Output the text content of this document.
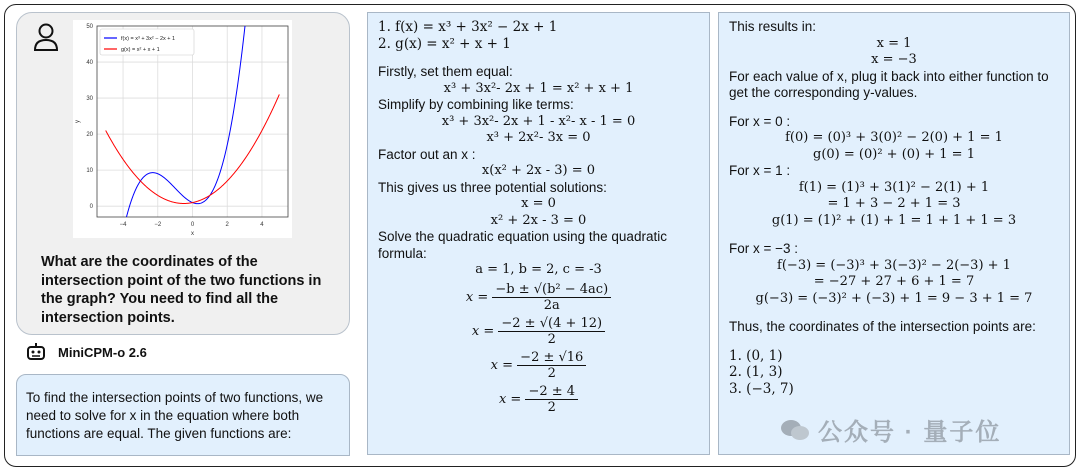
What are the coordinates of the intersection point of the two functions in the graph? You need to find all the intersection points.
−4	−2	0	2	4
0
10
20
30
40
50
x
y
f(x) = x³ + 3x² − 2x + 1
g(x) = x² + x + 1
MiniCPM-o 2.6
To find the intersection points of two functions, we need to solve for x in the equation where both functions are equal. The given functions are:
1. f(x) = x³ + 3x² − 2x + 1
2. g(x) = x² + x + 1
Firstly, set them equal:
x³ + 3x²- 2x + 1 = x² + x + 1
Simplify by combining like terms:
x³ + 3x²- 2x + 1 - x²- x - 1 = 0
x³ + 2x²- 3x = 0
Factor out an x :
x(x² + 2x - 3) = 0
This gives us three potential solutions:
x = 0
x² + 2x - 3 = 0
Solve the quadratic equation using the quadratic formula:
a = 1, b = 2, c = -3
$x = \frac{\text{−b ± √(b² − 4ac)}}{2a}$
$x = \frac{-2 \pm √(4 + 12)}{2}$
$x = \frac{-2 \pm √16}{2}$
$x = \frac{-2 \pm 4}{2}$
This results in:
x = 1
x = −3
For each value of x, plug it back into either function to get the corresponding y-values.
For x = 0 :
f(0) = (0)³ + 3(0)² − 2(0) + 1 = 1
g(0) = (0)² + (0) + 1 = 1
For x = 1 :
f(1) = (1)³ + 3(1)² − 2(1) + 1
= 1 + 3 − 2 + 1 = 3
g(1) = (1)² + (1) + 1 = 1 + 1 + 1 = 3
For x = −3 :
f(−3) = (−3)³ + 3(−3)² − 2(−3) + 1
= −27 + 27 + 6 + 1 = 7
g(−3) = (−3)² + (−3) + 1 = 9 − 3 + 1 = 7
Thus, the coordinates of the intersection points are:
1. (0, 1)
2. (1, 3)
3. (−3, 7)
公众号 · 量子位
